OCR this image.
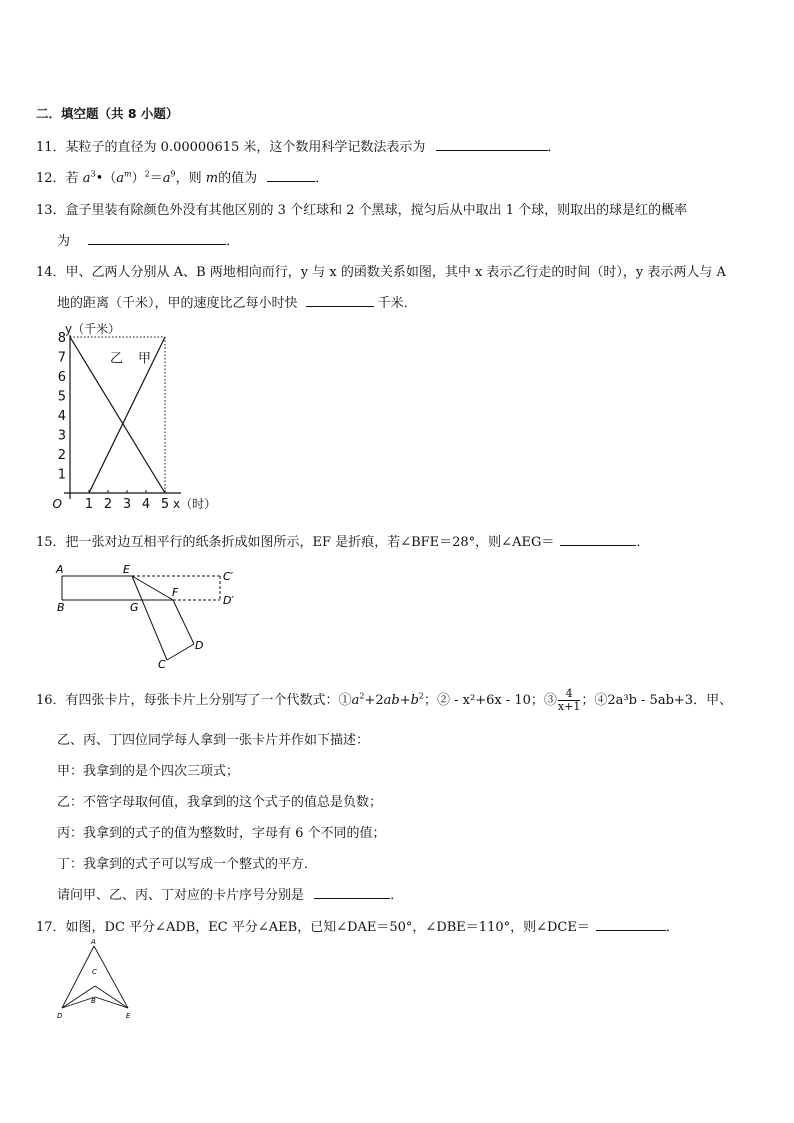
二．填空题（共 8 小题）
11．某粒子的直径为 0.00000615 米，这个数用科学记数法表示为	．
12．若 $a^3•(a^m)^2=a^9$，则 m的值为	．
13．盒子里装有除颜色外没有其他区别的 3 个红球和 2 个黑球，搅匀后从中取出 1 个球，则取出的球是红的概率
为	．
14．甲、乙两人分别从 A、B 两地相向而行，y 与 x 的函数关系如图，其中 x 表示乙行走的时间（时），y 表示两人与 A
地的距离（千米），甲的速度比乙每小时快	千米．
乙 甲
1
2
3
4
5
6
7
8
1 2 3 4 5
O	x（时）
y（千米）
15．把一张对边互相平行的纸条折成如图所示，EF 是折痕，若∠BFE＝28°，则∠AEG＝	．
A	E
C′
B	G
F
D′
D
C
16．有四张卡片，每张卡片上分别写了一个代数式：$①a^2+2ab+b^2$；② - x²+6x - 10；③ $\frac{4}{x+1}$ ；④2a³b - 5ab+3．甲、
乙、丙、丁四位同学每人拿到一张卡片并作如下描述：
甲：我拿到的是个四次三项式；
乙：不管字母取何值，我拿到的这个式子的值总是负数；
丙：我拿到的式子的值为整数时，字母有 6 个不同的值；
丁：我拿到的式子可以写成一个整式的平方．
请问甲、乙、丙、丁对应的卡片序号分别是	．
17．如图，DC 平分∠ADB，EC 平分∠AEB，已知∠DAE＝50°，∠DBE＝110°，则∠DCE＝	．
A
C
B
D	E
